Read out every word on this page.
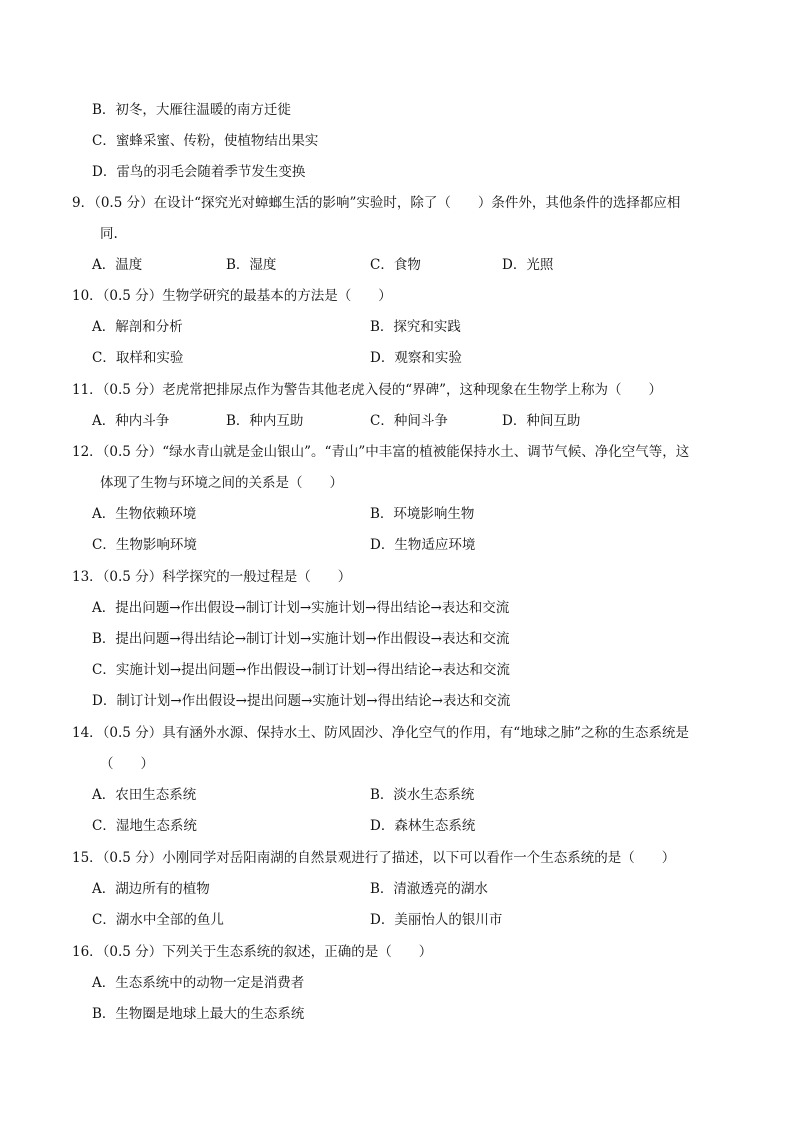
B．初冬，大雁往温暖的南方迁徙
C．蜜蜂采蜜、传粉，使植物结出果实
D．雷鸟的羽毛会随着季节发生变换
9．（0.5 分）在设计“探究光对蟑螂生活的影响”实验时，除了（　　）条件外，其他条件的选择都应相
同.
A．温度	B．湿度	C．食物	D．光照
10．（0.5 分）生物学研究的最基本的方法是（　　）
A．解剖和分析	B．探究和实践
C．取样和实验	D．观察和实验
11．（0.5 分）老虎常把排尿点作为警告其他老虎入侵的“界碑”，这种现象在生物学上称为（　　）
A．种内斗争	B．种内互助	C．种间斗争	D．种间互助
12．（0.5 分）“绿水青山就是金山银山”。“青山”中丰富的植被能保持水土、调节气候、净化空气等，这
体现了生物与环境之间的关系是（　　）
A．生物依赖环境	B．环境影响生物
C．生物影响环境	D．生物适应环境
13．（0.5 分）科学探究的一般过程是（　　）
A．提出问题→作出假设→制订计划→实施计划→得出结论→表达和交流
B．提出问题→得出结论→制订计划→实施计划→作出假设→表达和交流
C．实施计划→提出问题→作出假设→制订计划→得出结论→表达和交流
D．制订计划→作出假设→提出问题→实施计划→得出结论→表达和交流
14．（0.5 分）具有涵外水源、保持水土、防风固沙、净化空气的作用，有“地球之肺”之称的生态系统是
（　　）
A．农田生态系统	B．淡水生态系统
C．湿地生态系统	D．森林生态系统
15．（0.5 分）小刚同学对岳阳南湖的自然景观进行了描述，以下可以看作一个生态系统的是（　　）
A．湖边所有的植物	B．清澈透亮的湖水
C．湖水中全部的鱼儿	D．美丽怡人的银川市
16．（0.5 分）下列关于生态系统的叙述，正确的是（　　）
A．生态系统中的动物一定是消费者
B．生物圈是地球上最大的生态系统
